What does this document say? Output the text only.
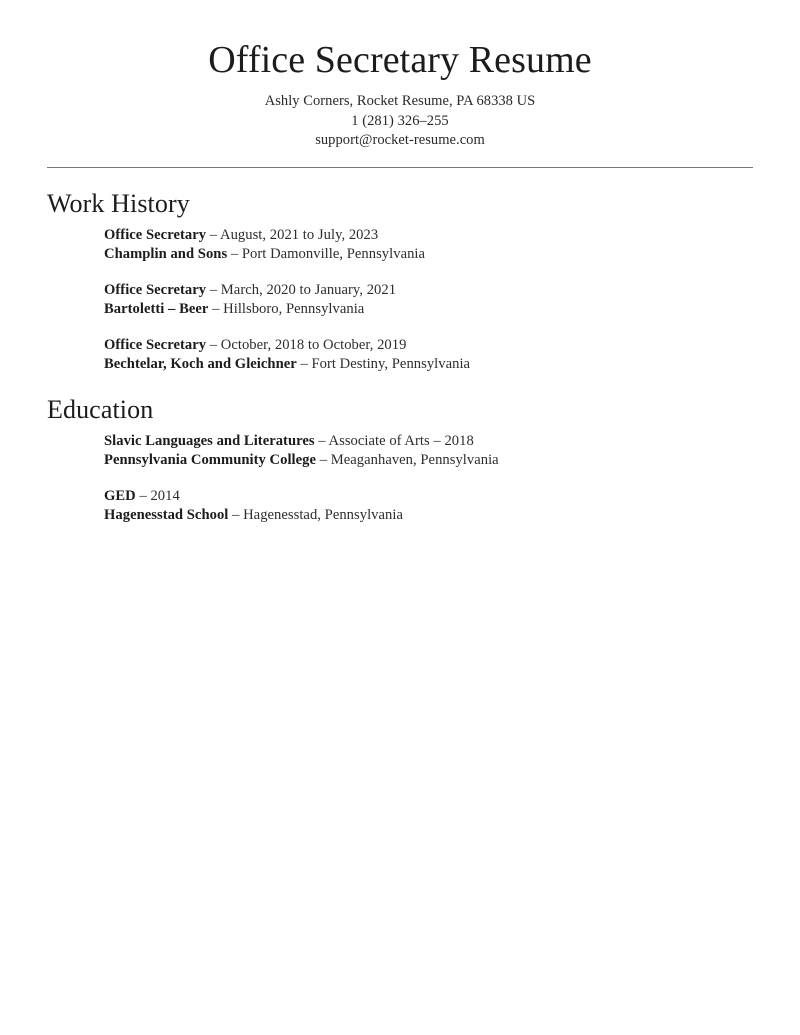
Office Secretary Resume

Ashly Corners, Rocket Resume, PA 68338 US

1 (281) 326–255

support@rocket-resume.com

Work History

Office Secretary – August, 2021 to July, 2023

Champlin and Sons – Port Damonville, Pennsylvania

Office Secretary – March, 2020 to January, 2021

Bartoletti – Beer – Hillsboro, Pennsylvania

Office Secretary – October, 2018 to October, 2019

Bechtelar, Koch and Gleichner – Fort Destiny, Pennsylvania

Education

Slavic Languages and Literatures – Associate of Arts – 2018

Pennsylvania Community College – Meaganhaven, Pennsylvania

GED – 2014

Hagenesstad School – Hagenesstad, Pennsylvania
